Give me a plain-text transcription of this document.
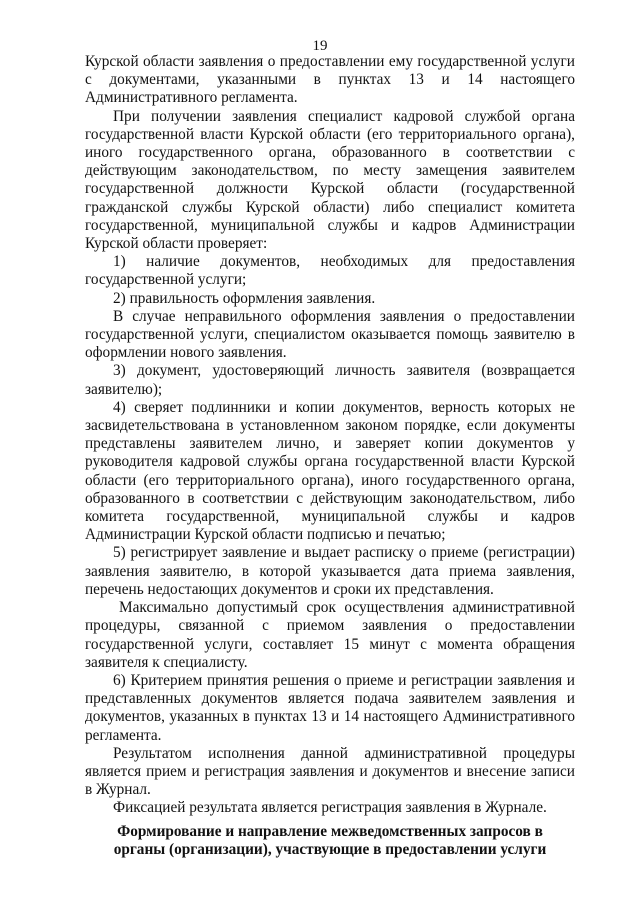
19

Курской области заявления о предоставлении ему государственной услуги с документами, указанными в пунктах 13 и 14 настоящего Административного регламента.

При получении заявления специалист кадровой службой органа государственной власти Курской области (его территориального органа), иного государственного органа, образованного в соответствии с действующим законодательством, по месту замещения заявителем государственной должности Курской области (государственной гражданской службы Курской области) либо специалист комитета государственной, муниципальной службы и кадров Администрации Курской области проверяет:

1) наличие документов, необходимых для предоставления государственной услуги;

2) правильность оформления заявления.

В случае неправильного оформления заявления о предоставлении государственной услуги, специалистом оказывается помощь заявителю в оформлении нового заявления.

3) документ, удостоверяющий личность заявителя (возвращается заявителю);

4) сверяет подлинники и копии документов, верность которых не засвидетельствована в установленном законом порядке, если документы представлены заявителем лично, и заверяет копии документов у руководителя кадровой службы органа государственной власти Курской области (его территориального органа), иного государственного органа, образованного в соответствии с действующим законодательством, либо комитета государственной, муниципальной службы и кадров Администрации Курской области подписью и печатью;

5) регистрирует заявление и выдает расписку о приеме (регистрации) заявления заявителю, в которой указывается дата приема заявления, перечень недостающих документов и сроки их представления.

Максимально допустимый срок осуществления административной процедуры, связанной с приемом заявления о предоставлении государственной услуги, составляет 15 минут с момента обращения заявителя к специалисту.

6) Критерием принятия решения о приеме и регистрации заявления и представленных документов является подача заявителем заявления и документов, указанных в пунктах 13 и 14 настоящего Административного регламента.

Результатом исполнения данной административной процедуры является прием и регистрация заявления и документов и внесение записи в Журнал.

Фиксацией результата является регистрация заявления в Журнале.

Формирование и направление межведомственных запросов в
органы (организации), участвующие в предоставлении услуги
